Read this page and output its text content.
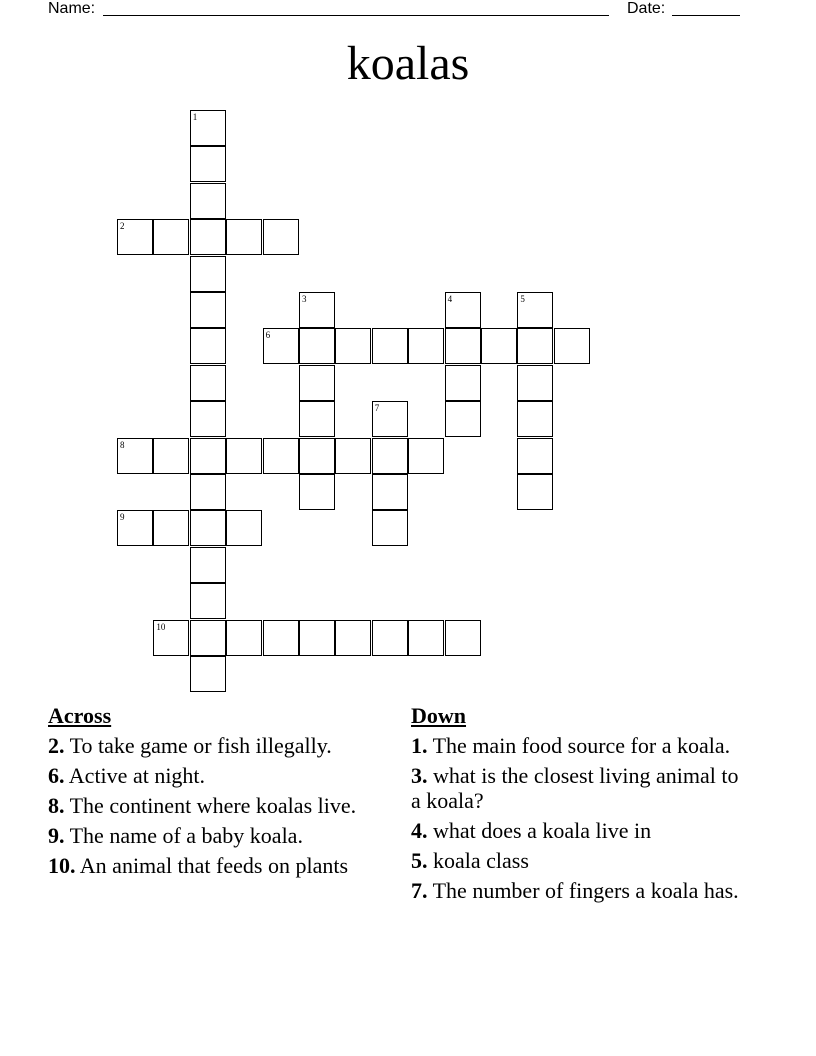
Name:	Date:
koalas
1
2
3	4	5
6
7
8
9
10
Across
2. To take game or fish illegally.
6. Active at night.
8. The continent where koalas live.
9. The name of a baby koala.
10. An animal that feeds on plants
Down
1. The main food source for a koala.
3. what is the closest living animal to a koala?
4. what does a koala live in
5. koala class
7. The number of fingers a koala has.
